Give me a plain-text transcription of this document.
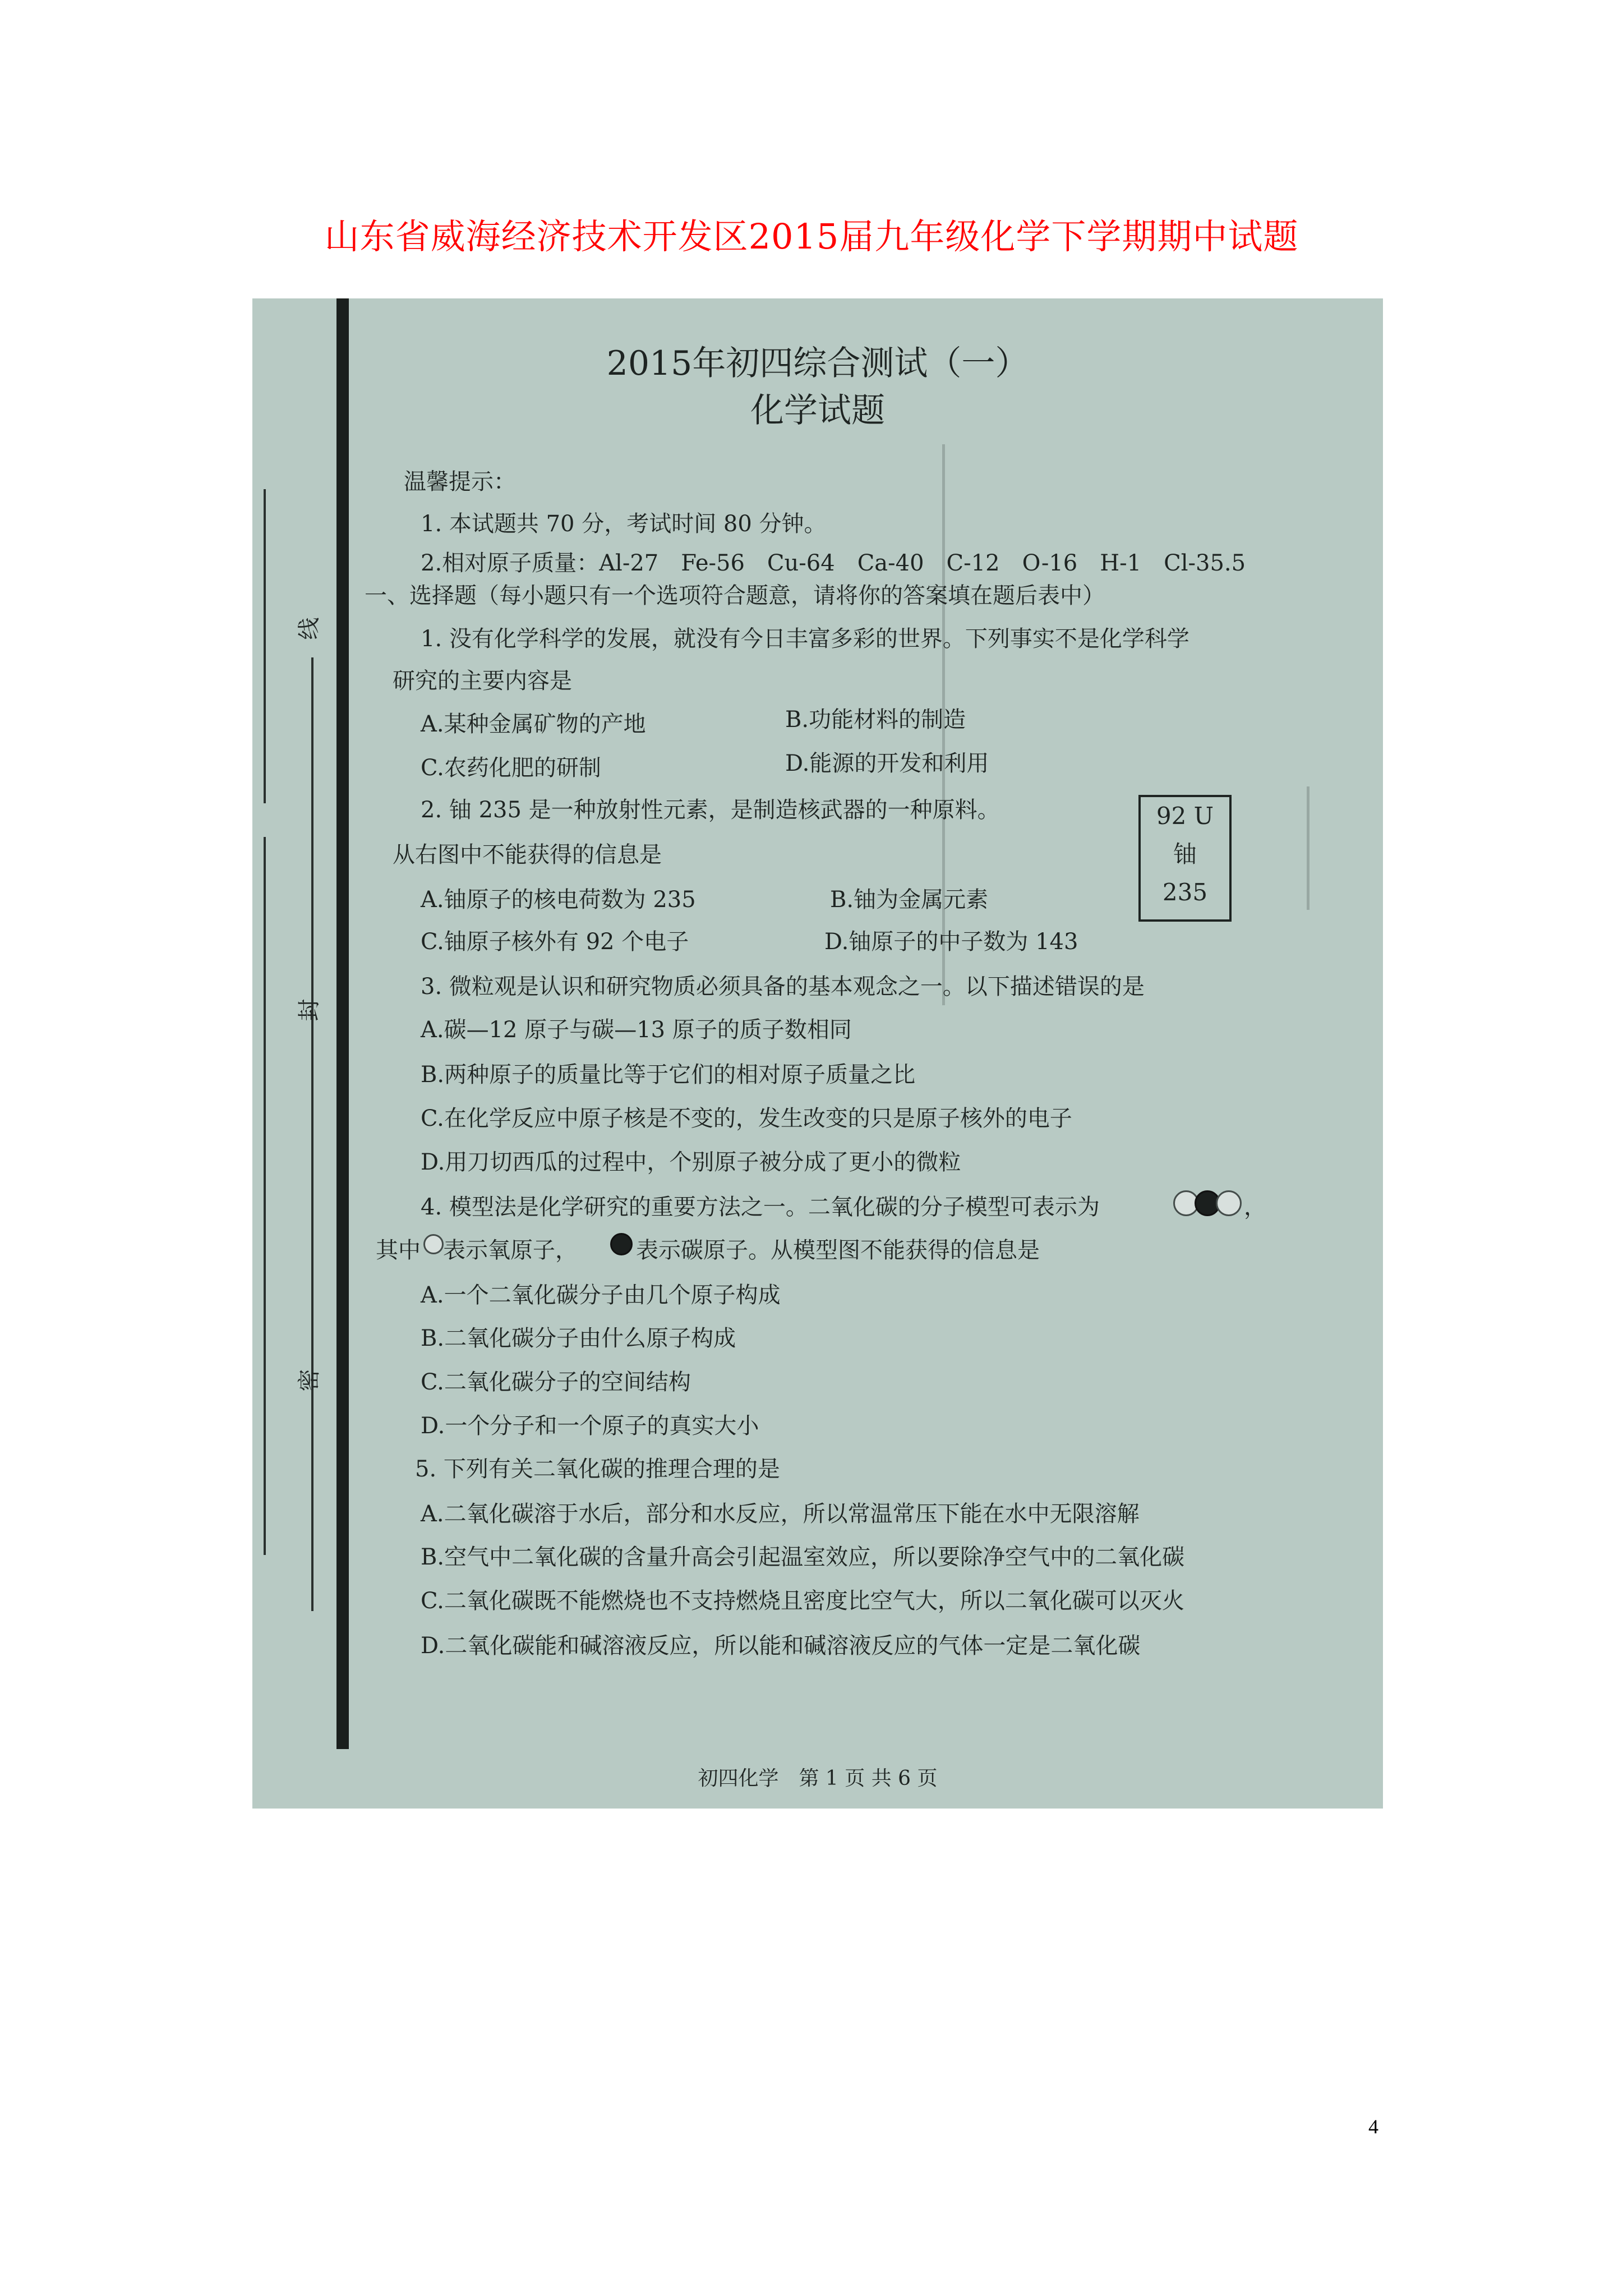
山东省威海经济技术开发区2015届九年级化学下学期期中试题
线
封
密
2015年初四综合测试（一）
化学试题
温馨提示：
1. 本试题共 70 分，考试时间 80 分钟。
2.相对原子质量：Al-27　Fe-56　Cu-64　Ca-40　C-12　O-16　H-1　Cl-35.5
一、选择题（每小题只有一个选项符合题意，请将你的答案填在题后表中）
1. 没有化学科学的发展，就没有今日丰富多彩的世界。下列事实不是化学科学
研究的主要内容是
A.某种金属矿物的产地	B.功能材料的制造
C.农药化肥的研制	D.能源的开发和利用
2. 铀 235 是一种放射性元素，是制造核武器的一种原料。
从右图中不能获得的信息是
92 U
铀
235
A.铀原子的核电荷数为 235	B.铀为金属元素
C.铀原子核外有 92 个电子	D.铀原子的中子数为 143
3. 微粒观是认识和研究物质必须具备的基本观念之一。以下描述错误的是
A.碳—12 原子与碳—13 原子的质子数相同
B.两种原子的质量比等于它们的相对原子质量之比
C.在化学反应中原子核是不变的，发生改变的只是原子核外的电子
D.用刀切西瓜的过程中，个别原子被分成了更小的微粒
4. 模型法是化学研究的重要方法之一。二氧化碳的分子模型可表示为	，
其中 表示氧原子，	表示碳原子。从模型图不能获得的信息是
A.一个二氧化碳分子由几个原子构成
B.二氧化碳分子由什么原子构成
C.二氧化碳分子的空间结构
D.一个分子和一个原子的真实大小
5. 下列有关二氧化碳的推理合理的是
A.二氧化碳溶于水后，部分和水反应，所以常温常压下能在水中无限溶解
B.空气中二氧化碳的含量升高会引起温室效应，所以要除净空气中的二氧化碳
C.二氧化碳既不能燃烧也不支持燃烧且密度比空气大，所以二氧化碳可以灭火
D.二氧化碳能和碱溶液反应，所以能和碱溶液反应的气体一定是二氧化碳
初四化学　第 1 页 共 6 页
4
